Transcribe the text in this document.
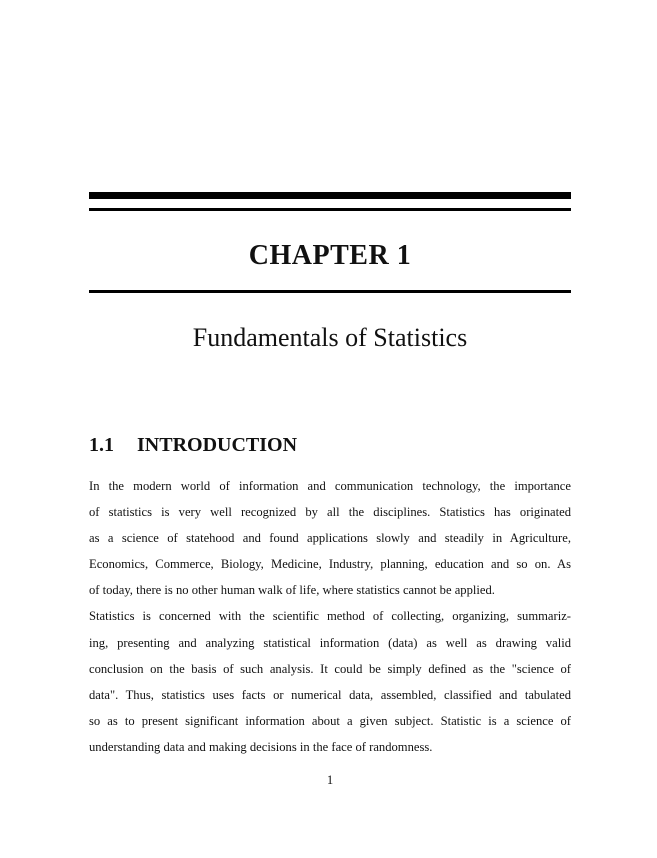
CHAPTER 1
Fundamentals of Statistics
1.1 INTRODUCTION
In the modern world of information and communication technology, the importance
of statistics is very well recognized by all the disciplines. Statistics has originated
as a science of statehood and found applications slowly and steadily in Agriculture,
Economics, Commerce, Biology, Medicine, Industry, planning, education and so on. As
of today, there is no other human walk of life, where statistics cannot be applied.
Statistics is concerned with the scientific method of collecting, organizing, summariz-
ing, presenting and analyzing statistical information (data) as well as drawing valid
conclusion on the basis of such analysis. It could be simply defined as the "science of
data". Thus, statistics uses facts or numerical data, assembled, classified and tabulated
so as to present significant information about a given subject. Statistic is a science of
understanding data and making decisions in the face of randomness.
1
